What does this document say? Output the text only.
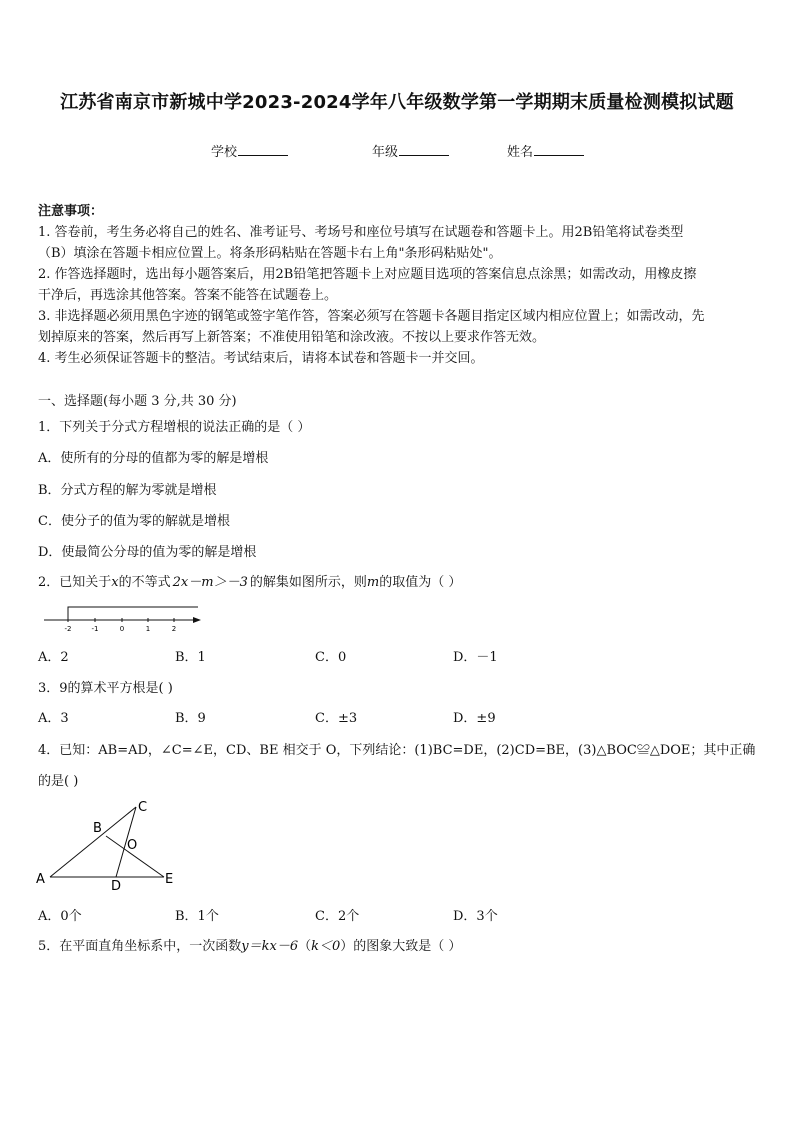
江苏省南京市新城中学2023-2024学年八年级数学第一学期期末质量检测模拟试题
学校	年级	姓名
注意事项：
1. 答卷前，考生务必将自己的姓名、准考证号、考场号和座位号填写在试题卷和答题卡上。用2B铅笔将试卷类型
（B）填涂在答题卡相应位置上。将条形码粘贴在答题卡右上角"条形码粘贴处"。
2. 作答选择题时，选出每小题答案后，用2B铅笔把答题卡上对应题目选项的答案信息点涂黑；如需改动，用橡皮擦
干净后，再选涂其他答案。答案不能答在试题卷上。
3. 非选择题必须用黑色字迹的钢笔或签字笔作答，答案必须写在答题卡各题目指定区域内相应位置上；如需改动，先
划掉原来的答案，然后再写上新答案；不准使用铅笔和涂改液。不按以上要求作答无效。
4. 考生必须保证答题卡的整洁。考试结束后，请将本试卷和答题卡一并交回。
一、选择题(每小题 3 分,共 30 分)
1．下列关于分式方程增根的说法正确的是（ ）
A．使所有的分母的值都为零的解是增根
B．分式方程的解为零就是增根
C．使分子的值为零的解就是增根
D．使最简公分母的值为零的解是增根
2．已知关于x的不等式 2x－m＞－3 的解集如图所示，则m的取值为（ ）
-2	-1	0	1	2
A．2	B．1	C．0	D．－1
3．9的算术平方根是( )
A．3	B．9	C．±3	D．±9
4．已知：AB=AD，∠C=∠E，CD、BE 相交于 O，下列结论：(1)BC=DE，(2)CD=BE，(3)△BOC≌△DOE；其中正确
的是( )
A
B
C
D	E
O
A．0个	B．1个	C．2个	D．3个
5．在平面直角坐标系中，一次函数y＝kx－6（k＜0）的图象大致是（ ）
